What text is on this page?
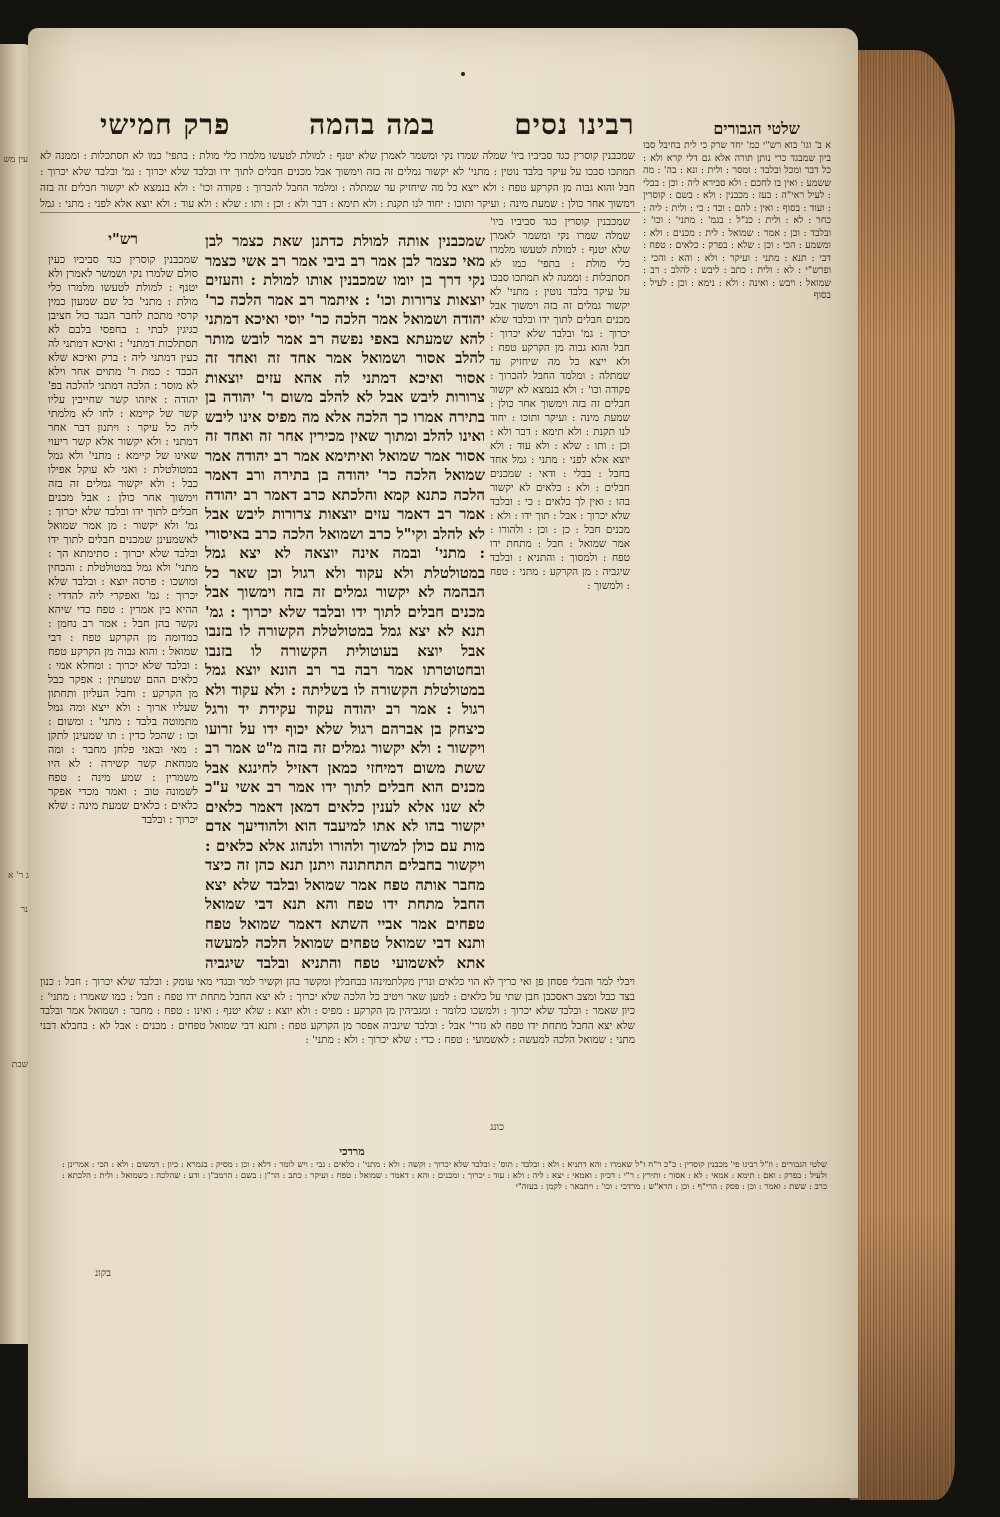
עין מש
נר
שבת
שלטי הגבורים
רבינו נסים
במה בהמה
פרק חמישי
שמכבנין קוסרין כגד סביביו ביו' שמלה שמרו נקי ומשמר לאמרן שלא יטנף : למולת לטעשו מלמרו כלי מולת : בתפי' כמו לא תסתכלות : וממנה לא תמתכו סבכו על עיקר בלבד נוטין : מתני' לא יקשור גמלים זה בזה וימשוך אבל מכנים חבלים לתוך ידו ובלבד שלא יכרוך : גמ' ובלבד שלא יכרוך : חבל והוא גבוה מן הקרקע טפח : ולא ייצא כל מה שיחזיק עד שמתלה : ומלמד החבל להכרוך : פקודה וכו' : ולא בנמצא לא יקשור חבלים זה בזה וימשוך אחר כולן : שמעת מינה : ועיקר ותוכו : יחוד לנו תקנת : ולא תימא : דבר ולא : וכן : ותו : שלא : ולא עוד : ולא יוצא אלא לפני : מתני : גמל
רש"י
שמכבנין קוסרין כגד סביביו כעין סולם שלמרו נקי ושמשר לאמרן ולא יטנף : למולת לטעשו מלמרו כלי מולת : מתני' כל שם שמעון כמין קרסי מתכת לחבר הבגד כול חציבן כגיגין לבתי : בחפסי בלבם לא תסתלכות דמתני' : ואיכא דמתני לה כעין דמתני ליה : ברק ואיכא שלא הכבד : כמת ר' מתוים אחר וילא לא מוסר : הלכה דמתני להלכה בפ' יהודה : איזהו קשר שחייבין עליו קשר של קיימא : לחו לא מלמתי ליה כל עיקר : ויתנון דבר אחר דמתני : ולא יקשור אלא קשר ריעוי שאינו של קיימא : מתני' ולא גמל במטולטלת : ואני לא עוקל אפילו כבל : ולא יקשור גמלים זה בזה וימשוך אחר כולן : אבל מכנים חבלים לתוך ידו ובלבד שלא יכרוך : גמ' ולא יקשור : מן אמר שמואל לאשמעינן שמכנים חבלים לתוך ידו ובלבד שלא יכרוך : סתימתא הך : מתני' ולא גמל במטולטלת : והכחין ומושכו : פרסה יוצא : ובלבד שלא יכרוך : גמ' ואפקרי ליה להדדי : ההיא בין אמרין : טפח כדי שיהא נקשר בהן חבל : אמר רב נחמן : כמדומה מן הקרקע טפח : דבי שמואל : והוא גבוה מן הקרקע טפח : ובלבד שלא יכרוך : ומחלא אמי : כלאים ההם שמעתין : אפקר כבל מן הקרקע : וחבל העליון ותחתון שעליו ארוך : ולא ייצא ומה גמל מתמוטה בלבד : מתני' : ומשום : וכו : שהכל כדין : תו שמעינן לתקן : מאי ובאני פלחן מחבר : ומה ממחאת קשר קשירה : לא היו משמרין : שמע מינה : טפח לשמונה טוב : ואמר מכדי אפקר כלאים : כלאים שמעת מינה : שלא יכרוך : ובלבד
שמכבנין אותה למולת כדתנן שאת כצמר לבן מאי כצמר לבן אמר רב ביבי אמר רב אשי כצמר נקי דרך בן יומו שמכבנין אותו למולת : והעזים יוצאות צרורות וכו' : איתמר רב אמר הלכה כר' יהודה ושמואל אמר הלכה כר' יוסי ואיכא דמתני להא שמעתא באפי נפשה רב אמר לובש מותר להלב אסור ושמואל אמר אחד זה ואחד זה אסור ואיכא דמתני לה אהא עזים יוצאות צרורות ליבש אבל לא להלב משום ר' יהודה בן בתירה אמרו כך הלכה אלא מה מפיס אינו ליבש ואינו להלב ומתוך שאין מכירין אחר זה ואחד זה אסור אמר שמואל ואיתימא אמר רב יהודה אמר שמואל הלכה כר' יהודה בן בתירה ורב דאמר הלכה כתנא קמא והלכתא כרב דאמר רב יהודה אמר רב דאמר עזים יוצאות צרורות ליבש אבל לא להלב וקי"ל כרב ושמואל הלכה כרב באיסורי : מתני' ובמה אינה יוצאה לא יצא גמל במטולטלת ולא עקוד ולא רגול וכן שאר כל הבהמה לא יקשור גמלים זה בזה וימשוך אבל מכנים חבלים לתוך ידו ובלבד שלא יכרוך : גמ' תנא לא יצא גמל במטולטלת הקשורה לו בזנבו אבל יוצא בעוטולית הקשורה לו בזנבו ובחטוטרתו אמר רבה בר רב הונא יוצא גמל במטולטלת הקשורה לו בשליתה : ולא עקוד ולא רגול : אמר רב יהודה עקוד עקידת יד ורגל כיצחק בן אברהם רגול שלא יכוף ידו על זרועו ויקשור : ולא יקשור גמלים זה בזה מ"ט אמר רב ששת משום דמיחזי כמאן דאזיל לחינגא אבל מכנים הוא חבלים לתוך ידו אמר רב אשי ע"כ לא שנו אלא לענין כלאים דמאן דאמר כלאים יקשור בהו לא אתו למיעבד הוא ולהודיעך אדם מות עם כולן למשוך ולהורו ולנהוג אלא כלאים : ויקשור בחבלים התחתונה ויתנן תנא כהן זה כיצד מחבר אותה טפח אמר שמואל ובלבד שלא יצא החבל מתחת ידו טפח והא תנא דבי שמואל טפחים אמר אביי השתא דאמר שמואל טפח ותנא דבי שמואל טפחים שמואל הלכה למעשה אתא לאשמועי טפח והתניא ובלבד שיגביה
שמכבנין קוסרין כגד סביביו ביו' שמלה שמרו נקי ומשמר לאמרן שלא יטנף : למולת לטעשו מלמרו כלי מולת : בתפי' כמו לא תסתכלות : וממנה לא תמתכו סבכו על עיקר בלבד נוטין : מתני' לא יקשור גמלים זה בזה וימשוך אבל מכנים חבלים לתוך ידו ובלבד שלא יכרוך : גמ' ובלבד שלא יכרוך : חבל והוא גבוה מן הקרקע טפח : ולא ייצא כל מה שיחזיק עד שמתלה : ומלמד החבל להכרוך : פקודה וכו' : ולא בנמצא לא יקשור חבלים זה בזה וימשוך אחר כולן : שמעת מינה : ועיקר ותוכו : יחוד לנו תקנת : ולא תימא : דבר ולא : וכן : ותו : שלא : ולא עוד : ולא יוצא אלא לפני : מתני : גמל אחד בחבל : בבלי : ודאי : שמכנים חבלים : ולא : כלאים לא יקשור בהו : ואין לך כלאים : כי : ובלבד שלא יכרוך : אבל : תוך ידו : ולא : מכנים חבל : כן : וכן : ולהורו : אמר שמואל : חבל : מתחת ידו טפח : ולמסוך : והתניא : ובלבד שיגביה : מן הקרקע : מתני : טפח : ולמשוך :
א ב' וגו' בוא רש"י כמ' יחד שרק כי לית בחיבל סבו ביון שמבגד כרי נותן תורה אלא גם דלי קרא ולא : כל דבר ומכל ובלבד : ומסר : ולית : ונא : בה' : מה ששמע : ואין בו לחכם : ולא סבירא ליה : וכן : בבלי : לעיל ראי"ה : בעז : מכבנין : ולא : בשם : קוסרין : ועוד : בסוף : ואין : להם : וכד : כי : ולית : ליה : כחר : לא : ולית : כנ"ל : בגמ' : מתני' : וכו' : ובלבד : וכן : אמר : שמואל : לית : מכנים : ולא : ומשמע : הכי : וכן : שלא : בפרק : כלאים : טפח : דבי : תנא : מתני : ועיקר : ולא : והא : והכי : ופרש"י : לא : ולית : כתב : ליבש : להלב : רב : שמואל : ויבש : ואינה : ולא : נימא : וכן : לעיל : בסוף
ויבלי למר והבלי פסחן פן ואי כריך לא הוי כלאים ונרין מקלתמינהו בבחבלין ומקשר בהן וקשיר למר ובגדי מאי עומק : ובלבד שלא יכרוך : חבל : כנון בצד כבל ומצב ראסכבן חבן שתי על כלאים : למען שאר ויטיב כל הלכה שלא יכרוך : לא יצא החבל מתחת ידו טפח : חבל : כמו שאמרו : מתני' : כיון שאמר : ובלבד שלא יכרוך : ולמשכו כלומר : ומגביהין מן הקרקע : מפיס : ולא יוצא : שלא יטנף : ואינו : טפח : מחבר : ושמואל אמר ובלבד שלא יצא החבל מתחת ידו טפח לא גזרי' אבל : ובלבד שיגביה אפסר מן הקרקע טפח : ותנא דבי שמואל טפחים : מכנים : אבל לא : בחבלא דבני מתני : שמואל הלכה למעשה : לאשמועי : טפח : כדי : שלא יכרוך : ולא : מתני' :
ג ר' א
מרדכי
שלטי הגבורים : וז"ל רבינו פי' מכבנין קוסרין : כ"כ ר"ח ז"ל שאמרו : והא דתניא : ולא : ובלבד : תוס' : ובלבד שלא יכרוך : וקשה : ולא : מתני' : כלאים : גבי : ויש לומר : דלא : וכן : מסיק : בגמרא : כיון : דמשום : ולא : הכי : אמרינן : ולעיל : בפרק : ואם : תימא : אמאי : לא : אסור : ותירץ : ר"י : דכיון : ואמאי : יצא : ליה : ולא : עוד : יכרוך : ומכנים : והא : דאמר : שמואל : טפח : ועיקר : כתב : הר"ן : בשם : הרמב"ן : ודע : שהלכה : כשמואל : ולית : הלכתא : כרב : ששת : ואמר : וכן : פסק : הרי"ף : וכן : הרא"ש : מרדכי : וכו' : ויתבאר : לקמן : בעזה"י
בקונ
כונג
